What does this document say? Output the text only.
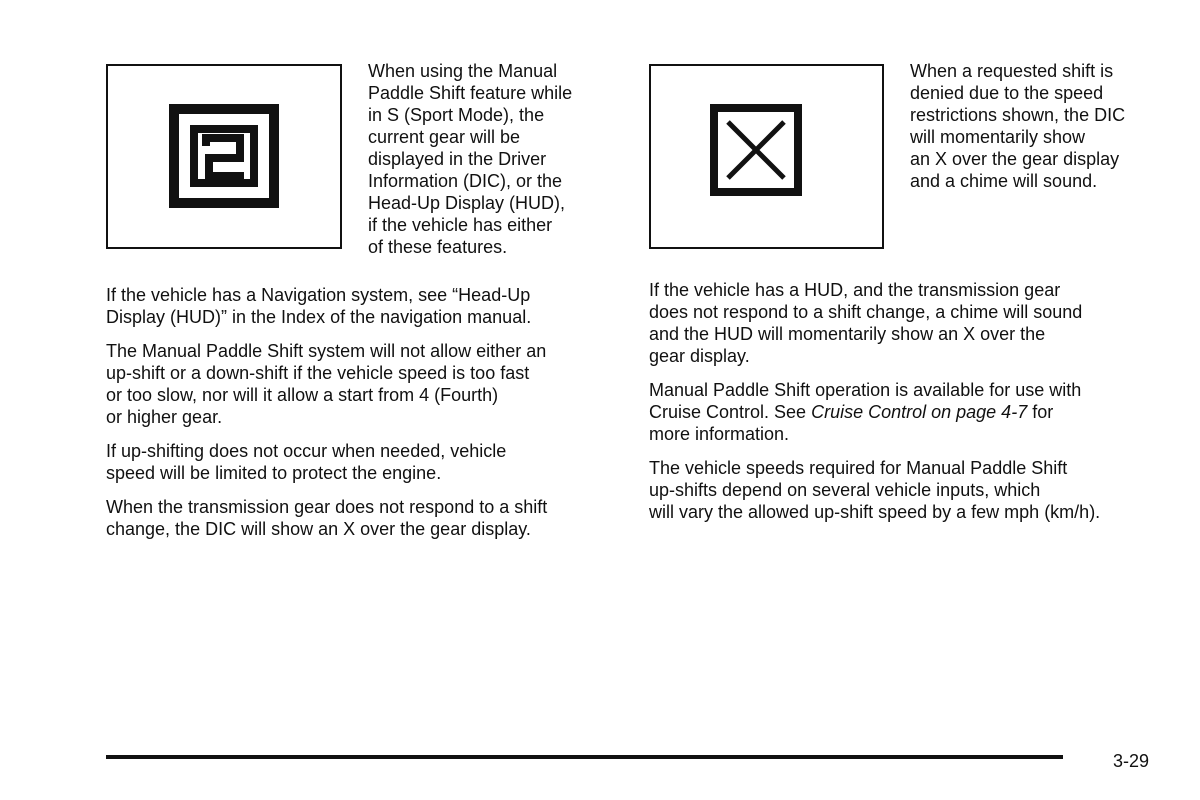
When using the Manual
Paddle Shift feature while
in S (Sport Mode), the
current gear will be
displayed in the Driver
Information (DIC), or the
Head-Up Display (HUD),
if the vehicle has either
of these features.

When a requested shift is
denied due to the speed
restrictions shown, the DIC
will momentarily show
an X over the gear display
and a chime will sound.

If the vehicle has a Navigation system, see “Head-Up
Display (HUD)” in the Index of the navigation manual.

The Manual Paddle Shift system will not allow either an
up-shift or a down-shift if the vehicle speed is too fast
or too slow, nor will it allow a start from 4 (Fourth)
or higher gear.

If up-shifting does not occur when needed, vehicle
speed will be limited to protect the engine.

When the transmission gear does not respond to a shift
change, the DIC will show an X over the gear display.

If the vehicle has a HUD, and the transmission gear
does not respond to a shift change, a chime will sound
and the HUD will momentarily show an X over the
gear display.

Manual Paddle Shift operation is available for use with
Cruise Control. See Cruise Control on page 4-7 for
more information.

The vehicle speeds required for Manual Paddle Shift
up-shifts depend on several vehicle inputs, which
will vary the allowed up-shift speed by a few mph (km/h).

3-29
